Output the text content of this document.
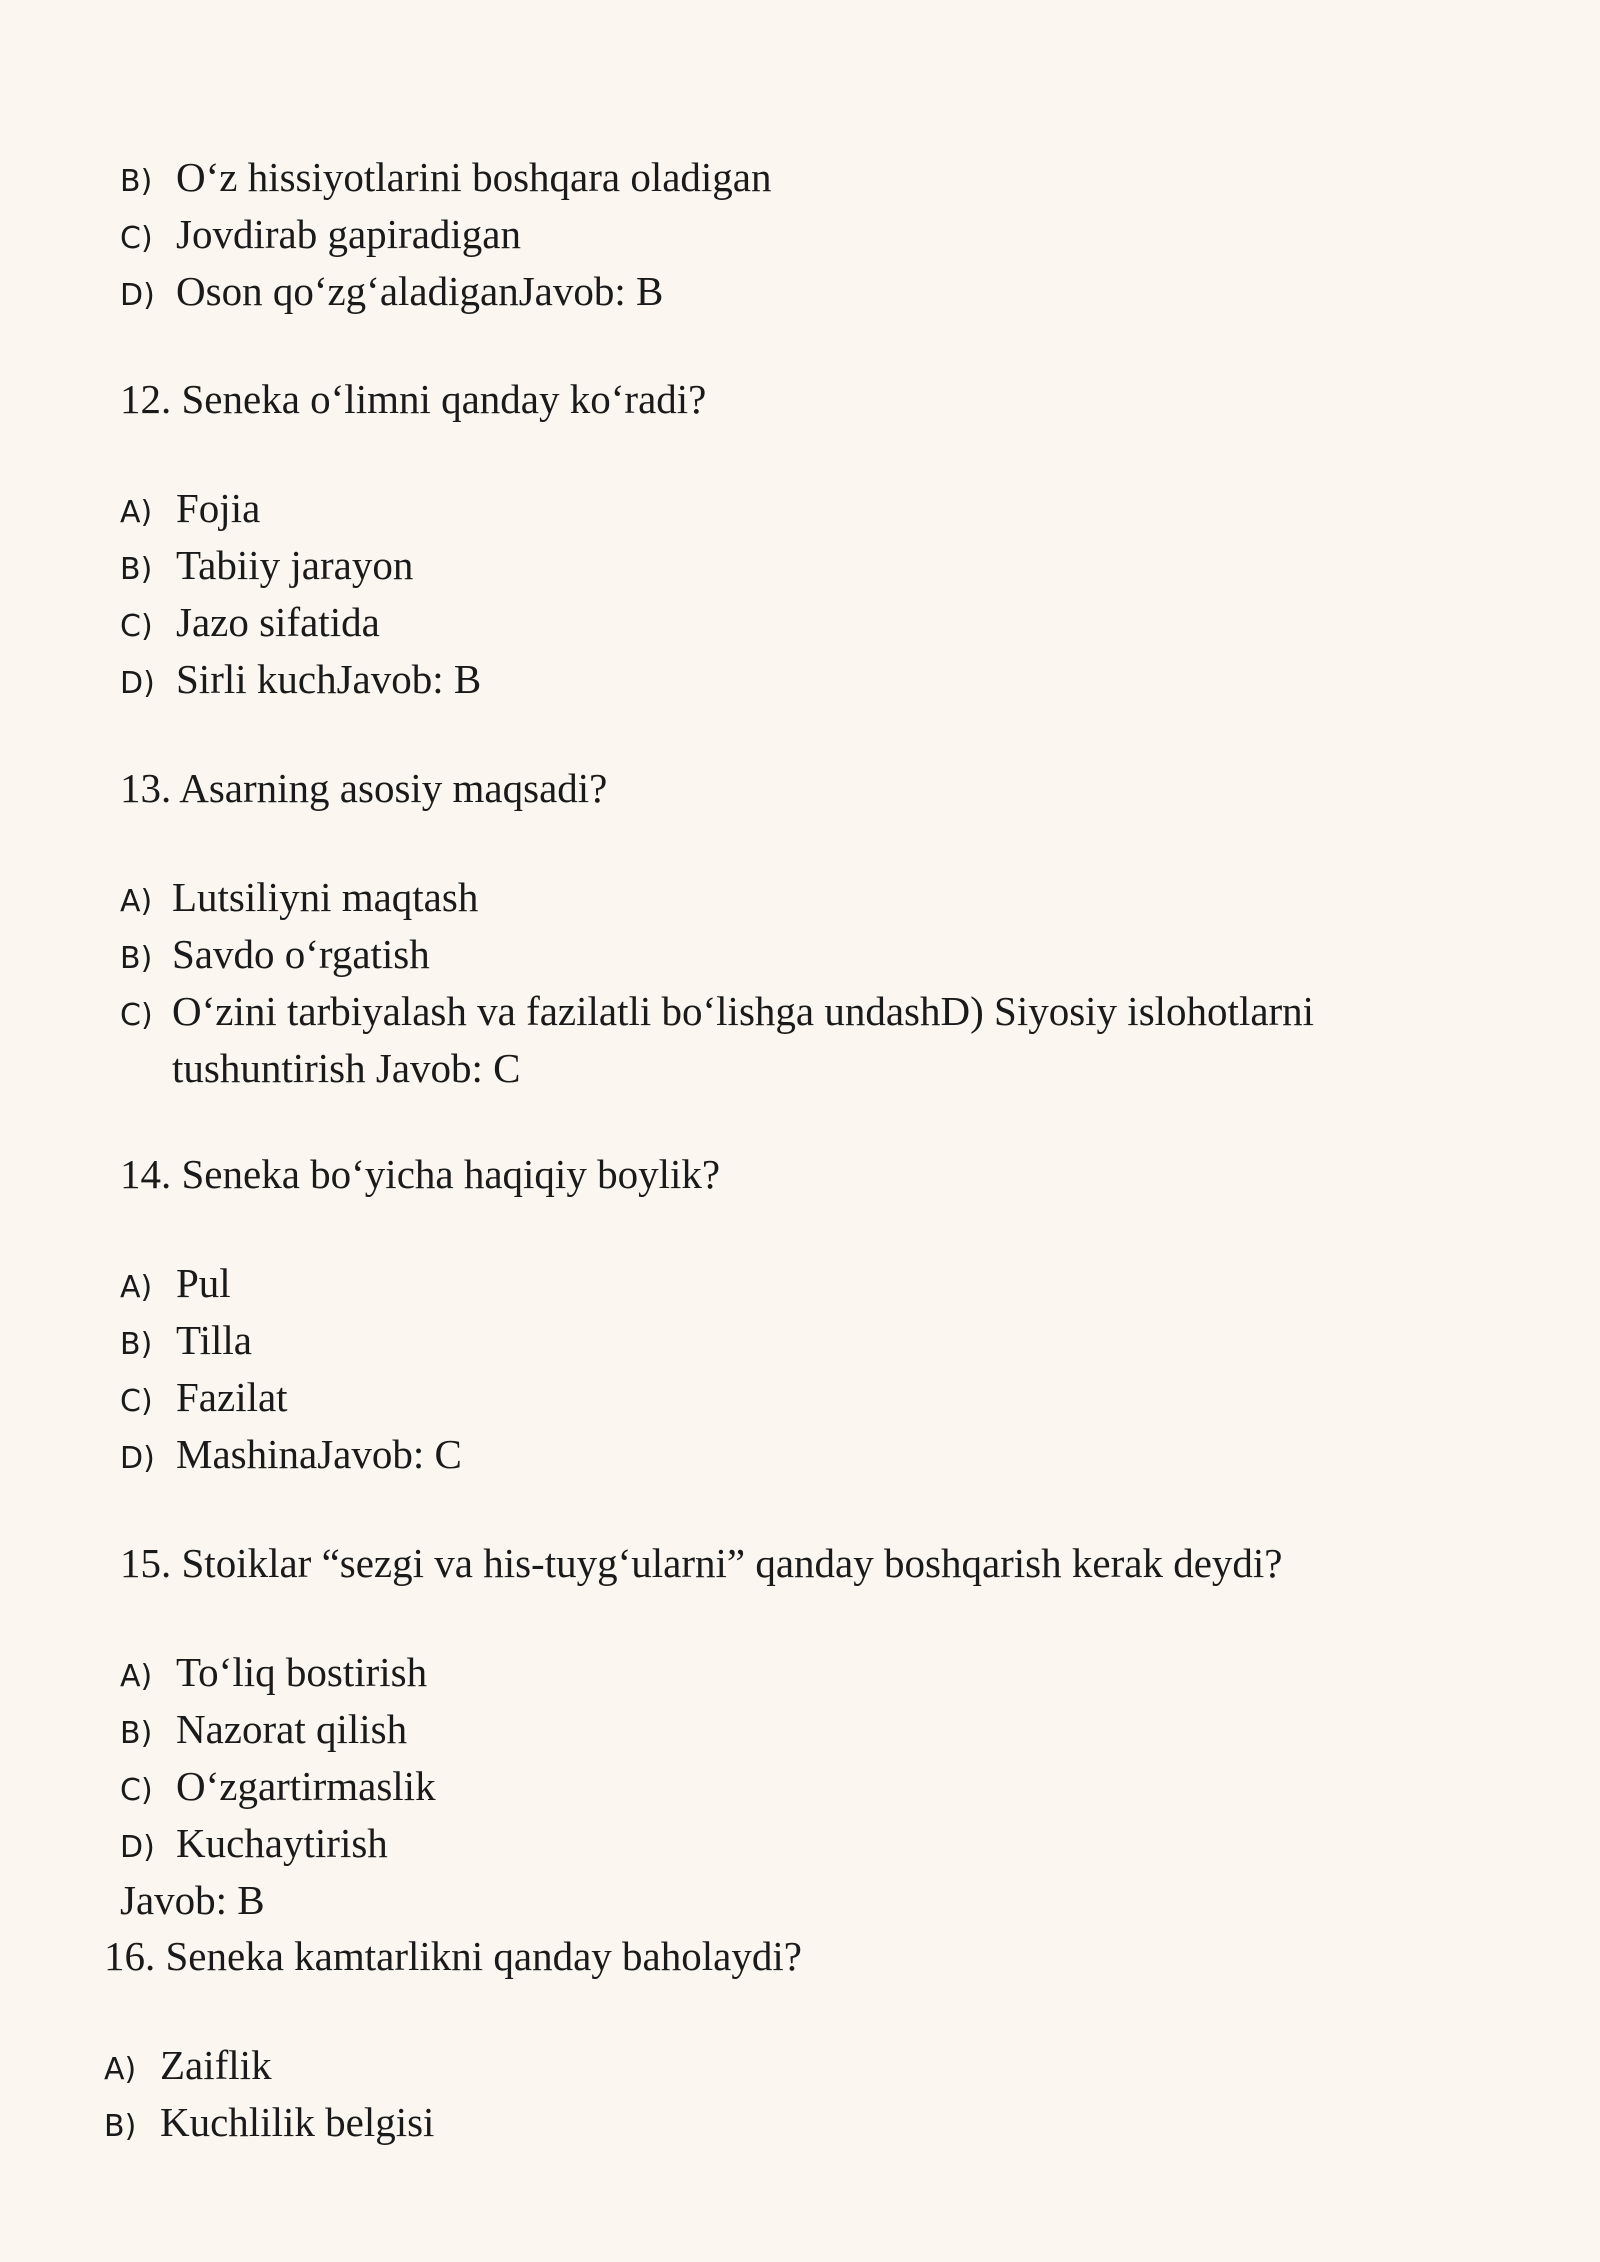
B) O‘z hissiyotlarini boshqara oladigan
C) Jovdirab gapiradigan
D) Oson qo‘zg‘aladiganJavob: B
12. Seneka o‘limni qanday ko‘radi?
A) Fojia
B) Tabiiy jarayon
C) Jazo sifatida
D) Sirli kuchJavob: B
13. Asarning asosiy maqsadi?
A) Lutsiliyni maqtash
B) Savdo o‘rgatish
C) O‘zini tarbiyalash va fazilatli bo‘lishga undashD) Siyosiy islohotlarni
tushuntirish Javob: C
14. Seneka bo‘yicha haqiqiy boylik?
A) Pul
B) Tilla
C) Fazilat
D) MashinaJavob: C
15. Stoiklar “sezgi va his-tuyg‘ularni” qanday boshqarish kerak deydi?
A) To‘liq bostirish
B) Nazorat qilish
C) O‘zgartirmaslik
D) Kuchaytirish
Javob: B
16. Seneka kamtarlikni qanday baholaydi?
A) Zaiflik
B) Kuchlilik belgisi
